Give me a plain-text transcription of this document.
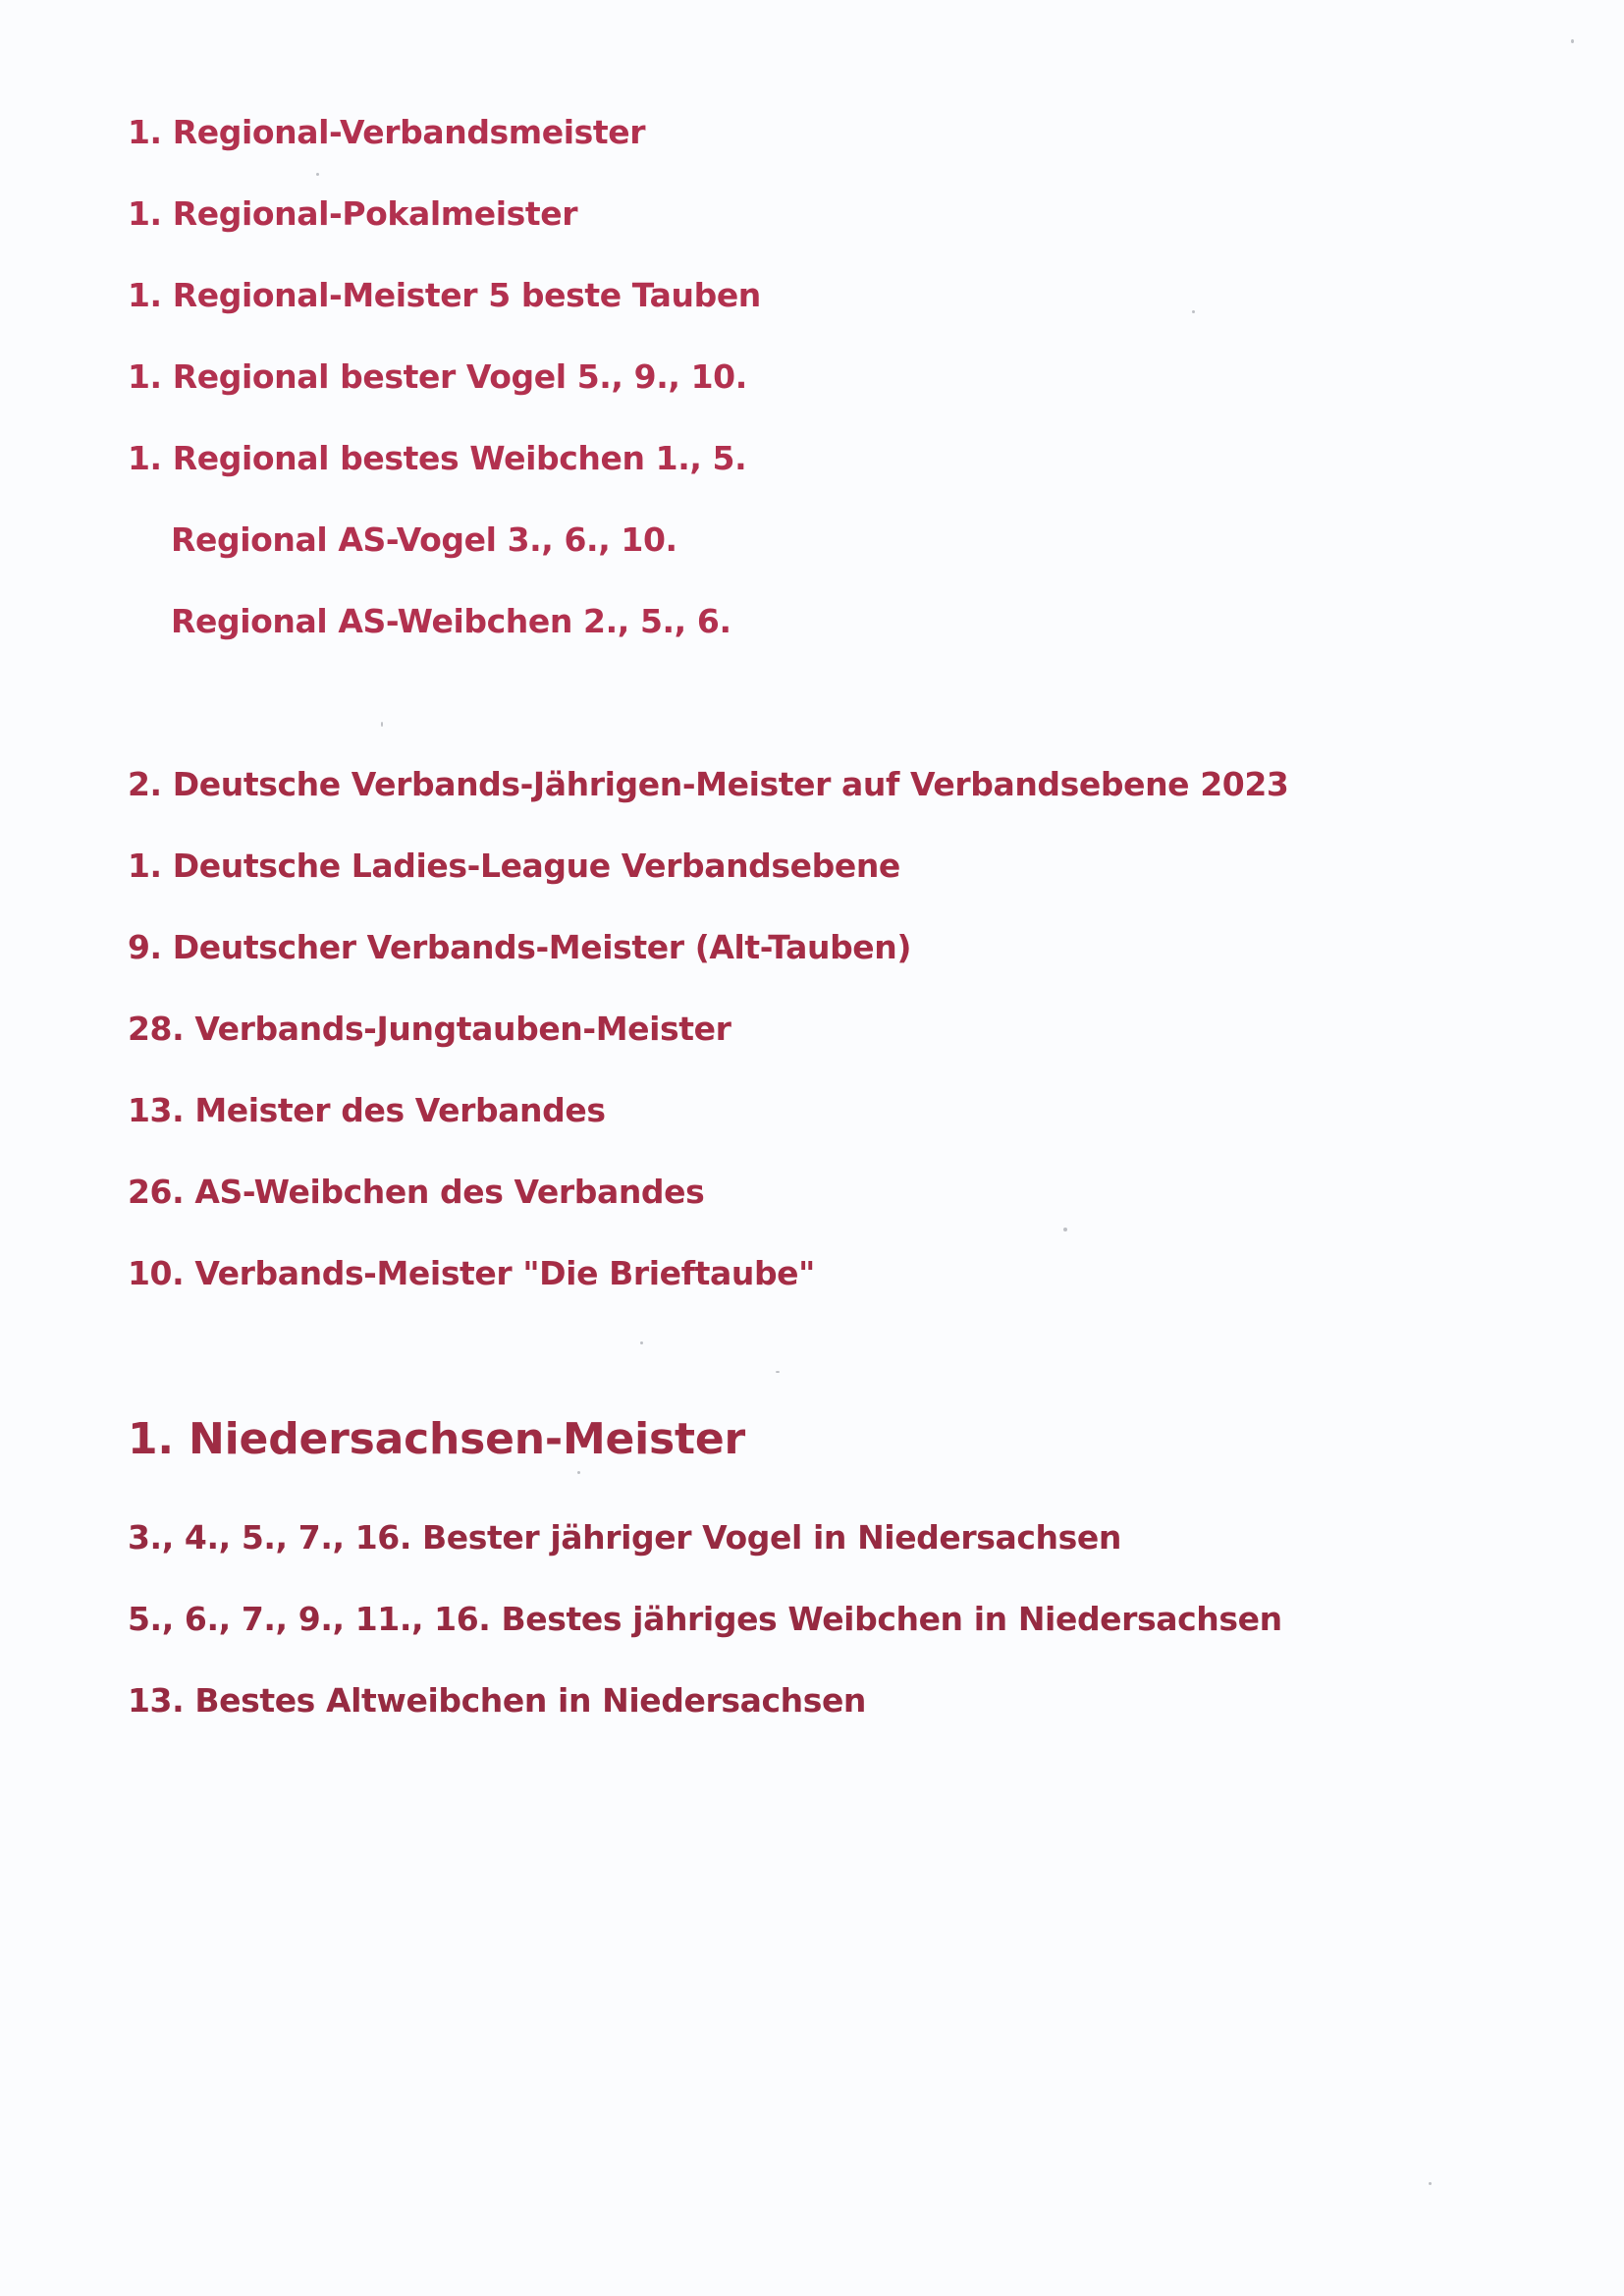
1. Regional-Verbandsmeister
1. Regional-Pokalmeister
1. Regional-Meister 5 beste Tauben
1. Regional bester Vogel 5., 9., 10.
1. Regional bestes Weibchen 1., 5.
Regional AS-Vogel 3., 6., 10.
Regional AS-Weibchen 2., 5., 6.
2. Deutsche Verbands-Jährigen-Meister auf Verbandsebene 2023
1. Deutsche Ladies-League Verbandsebene
9. Deutscher Verbands-Meister (Alt-Tauben)
28. Verbands-Jungtauben-Meister
13. Meister des Verbandes
26. AS-Weibchen des Verbandes
10. Verbands-Meister "Die Brieftaube"
1. Niedersachsen-Meister
3., 4., 5., 7., 16. Bester jähriger Vogel in Niedersachsen
5., 6., 7., 9., 11., 16. Bestes jähriges Weibchen in Niedersachsen
13. Bestes Altweibchen in Niedersachsen
